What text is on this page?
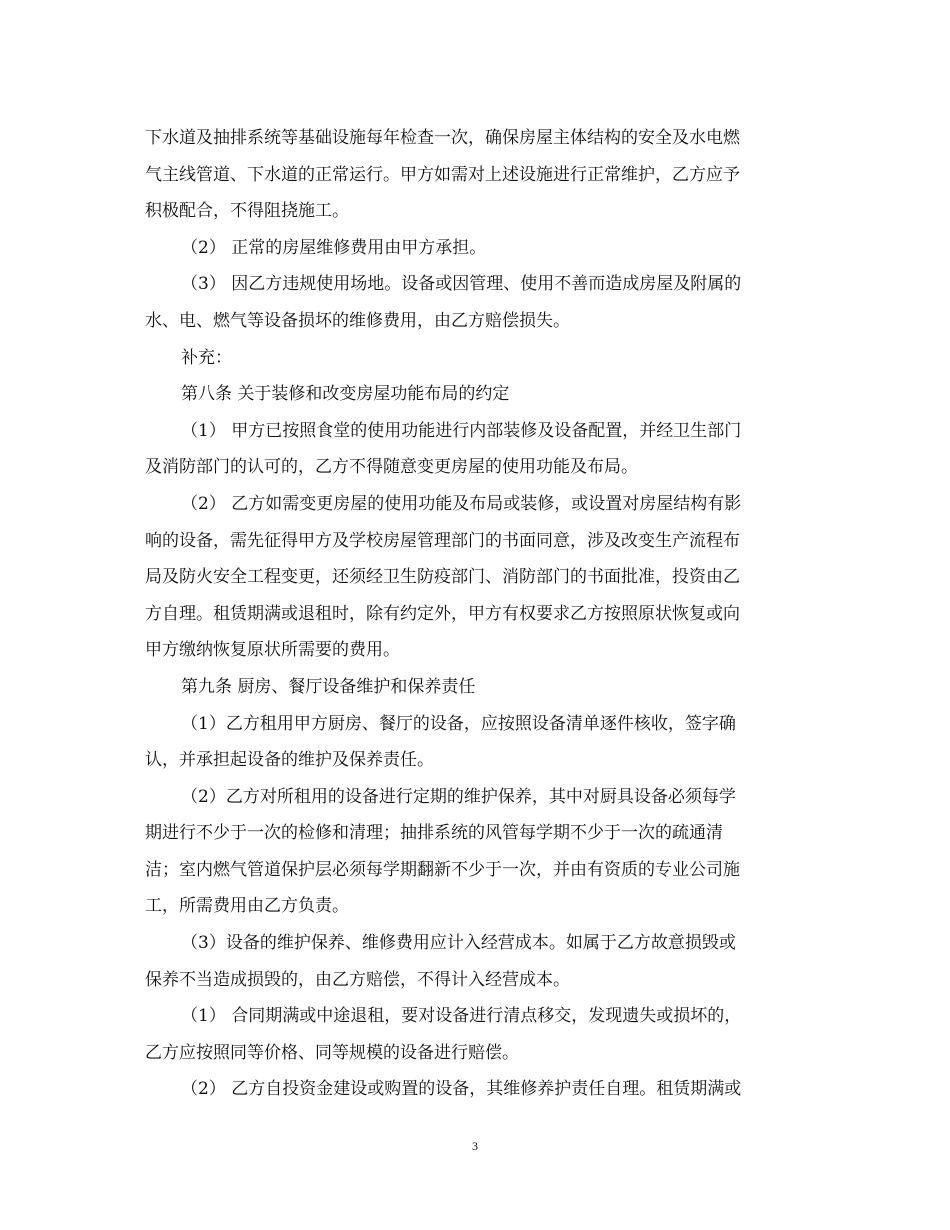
下水道及抽排系统等基础设施每年检查一次，确保房屋主体结构的安全及水电燃

气主线管道、下水道的正常运行。甲方如需对上述设施进行正常维护，乙方应予

积极配合，不得阻挠施工。

（2） 正常的房屋维修费用由甲方承担。

（3） 因乙方违规使用场地。设备或因管理、使用不善而造成房屋及附属的

水、电、燃气等设备损坏的维修费用，由乙方赔偿损失。

补充：

第八条 关于装修和改变房屋功能布局的约定

（1） 甲方已按照食堂的使用功能进行内部装修及设备配置，并经卫生部门

及消防部门的认可的，乙方不得随意变更房屋的使用功能及布局。

（2） 乙方如需变更房屋的使用功能及布局或装修，或设置对房屋结构有影

响的设备，需先征得甲方及学校房屋管理部门的书面同意，涉及改变生产流程布

局及防火安全工程变更，还须经卫生防疫部门、消防部门的书面批准，投资由乙

方自理。租赁期满或退租时，除有约定外，甲方有权要求乙方按照原状恢复或向

甲方缴纳恢复原状所需要的费用。

第九条 厨房、餐厅设备维护和保养责任

（1）乙方租用甲方厨房、餐厅的设备，应按照设备清单逐件核收，签字确

认，并承担起设备的维护及保养责任。

（2）乙方对所租用的设备进行定期的维护保养，其中对厨具设备必须每学

期进行不少于一次的检修和清理；抽排系统的风管每学期不少于一次的疏通清

洁；室内燃气管道保护层必须每学期翻新不少于一次，并由有资质的专业公司施

工，所需费用由乙方负责。

（3）设备的维护保养、维修费用应计入经营成本。如属于乙方故意损毁或

保养不当造成损毁的，由乙方赔偿，不得计入经营成本。

（1） 合同期满或中途退租，要对设备进行清点移交，发现遗失或损坏的，

乙方应按照同等价格、同等规模的设备进行赔偿。

（2） 乙方自投资金建设或购置的设备，其维修养护责任自理。租赁期满或

3
